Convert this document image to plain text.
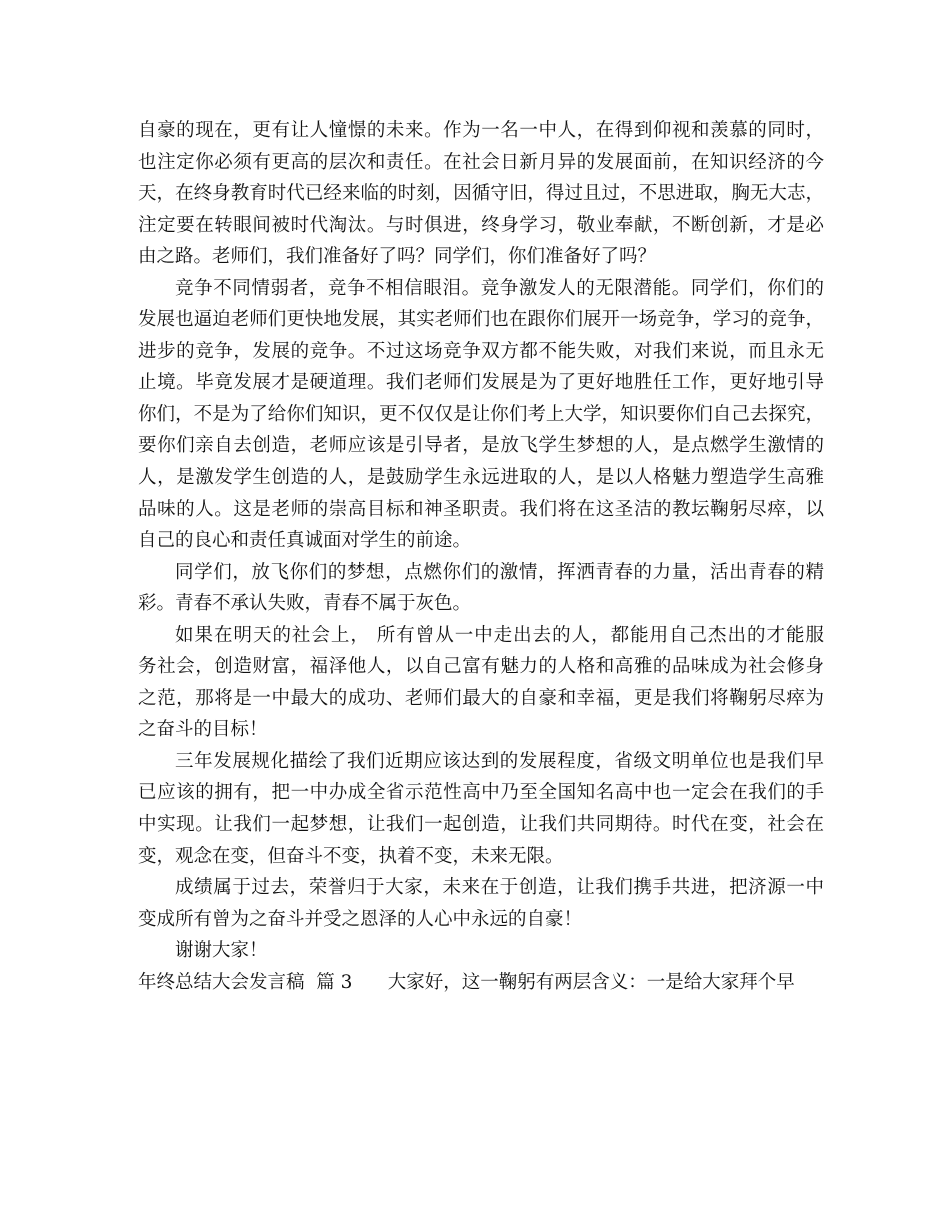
自豪的现在，更有让人憧憬的未来。作为一名一中人，在得到仰视和羡慕的同时，
也注定你必须有更高的层次和责任。在社会日新月异的发展面前，在知识经济的今
天，在终身教育时代已经来临的时刻，因循守旧，得过且过，不思进取，胸无大志，
注定要在转眼间被时代淘汰。与时俱进，终身学习，敬业奉献，不断创新，才是必
由之路。老师们，我们准备好了吗？同学们，你们准备好了吗？
竞争不同情弱者，竞争不相信眼泪。竞争激发人的无限潜能。同学们，你们的
发展也逼迫老师们更快地发展，其实老师们也在跟你们展开一场竞争，学习的竞争，
进步的竞争，发展的竞争。不过这场竞争双方都不能失败，对我们来说，而且永无
止境。毕竟发展才是硬道理。我们老师们发展是为了更好地胜任工作，更好地引导
你们，不是为了给你们知识，更不仅仅是让你们考上大学，知识要你们自己去探究，
要你们亲自去创造，老师应该是引导者，是放飞学生梦想的人，是点燃学生激情的
人，是激发学生创造的人，是鼓励学生永远进取的人，是以人格魅力塑造学生高雅
品味的人。这是老师的崇高目标和神圣职责。我们将在这圣洁的教坛鞠躬尽瘁，以
自己的良心和责任真诚面对学生的前途。
同学们，放飞你们的梦想，点燃你们的激情，挥洒青春的力量，活出青春的精
彩。青春不承认失败，青春不属于灰色。
如果在明天的社会上， 所有曾从一中走出去的人，都能用自己杰出的才能服
务社会，创造财富，福泽他人，以自己富有魅力的人格和高雅的品味成为社会修身
之范，那将是一中最大的成功、老师们最大的自豪和幸福，更是我们将鞠躬尽瘁为
之奋斗的目标！
三年发展规化描绘了我们近期应该达到的发展程度，省级文明单位也是我们早
已应该的拥有，把一中办成全省示范性高中乃至全国知名高中也一定会在我们的手
中实现。让我们一起梦想，让我们一起创造，让我们共同期待。时代在变，社会在
变，观念在变，但奋斗不变，执着不变，未来无限。
成绩属于过去，荣誉归于大家，未来在于创造，让我们携手共进，把济源一中
变成所有曾为之奋斗并受之恩泽的人心中永远的自豪！
谢谢大家！
年终总结大会发言稿  篇 3      大家好，这一鞠躬有两层含义：一是给大家拜个早
